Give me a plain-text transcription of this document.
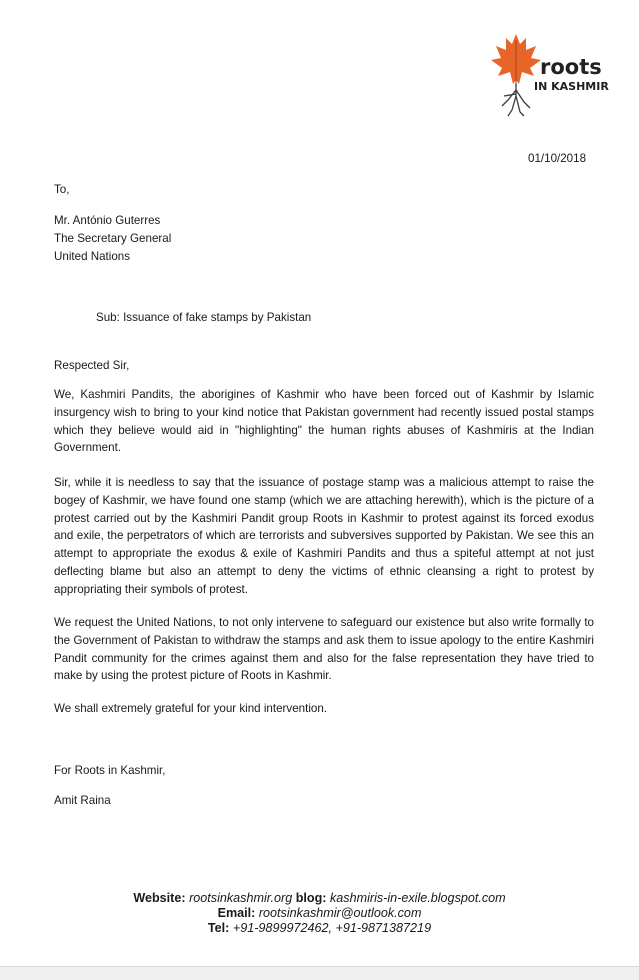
roots
IN KASHMIR
01/10/2018
To,
Mr. António Guterres
The Secretary General
United Nations
Sub: Issuance of fake stamps by Pakistan
Respected Sir,
We, Kashmiri Pandits, the aborigines of Kashmir who have been forced out of Kashmir by Islamic insurgency wish to bring to your kind notice that Pakistan government had recently issued postal stamps which they believe would aid in "highlighting" the human rights abuses of Kashmiris at the Indian Government.
Sir, while it is needless to say that the issuance of postage stamp was a malicious attempt to raise the bogey of Kashmir, we have found one stamp (which we are attaching herewith), which is the picture of a protest carried out by the Kashmiri Pandit group Roots in Kashmir to protest against its forced exodus and exile, the perpetrators of which are terrorists and subversives supported by Pakistan. We see this an attempt to appropriate the exodus & exile of Kashmiri Pandits and thus a spiteful attempt at not just deflecting blame but also an attempt to deny the victims of ethnic cleansing a right to protest by appropriating their symbols of protest.
We request the United Nations, to not only intervene to safeguard our existence but also write formally to the Government of Pakistan to withdraw the stamps and ask them to issue apology to the entire Kashmiri Pandit community for the crimes against them and also for the false representation they have tried to make by using the protest picture of Roots in Kashmir.
We shall extremely grateful for your kind intervention.
For Roots in Kashmir,
Amit Raina
Website: rootsinkashmir.org blog: kashmiris-in-exile.blogspot.com
Email: rootsinkashmir@outlook.com
Tel: +91-9899972462, +91-9871387219
